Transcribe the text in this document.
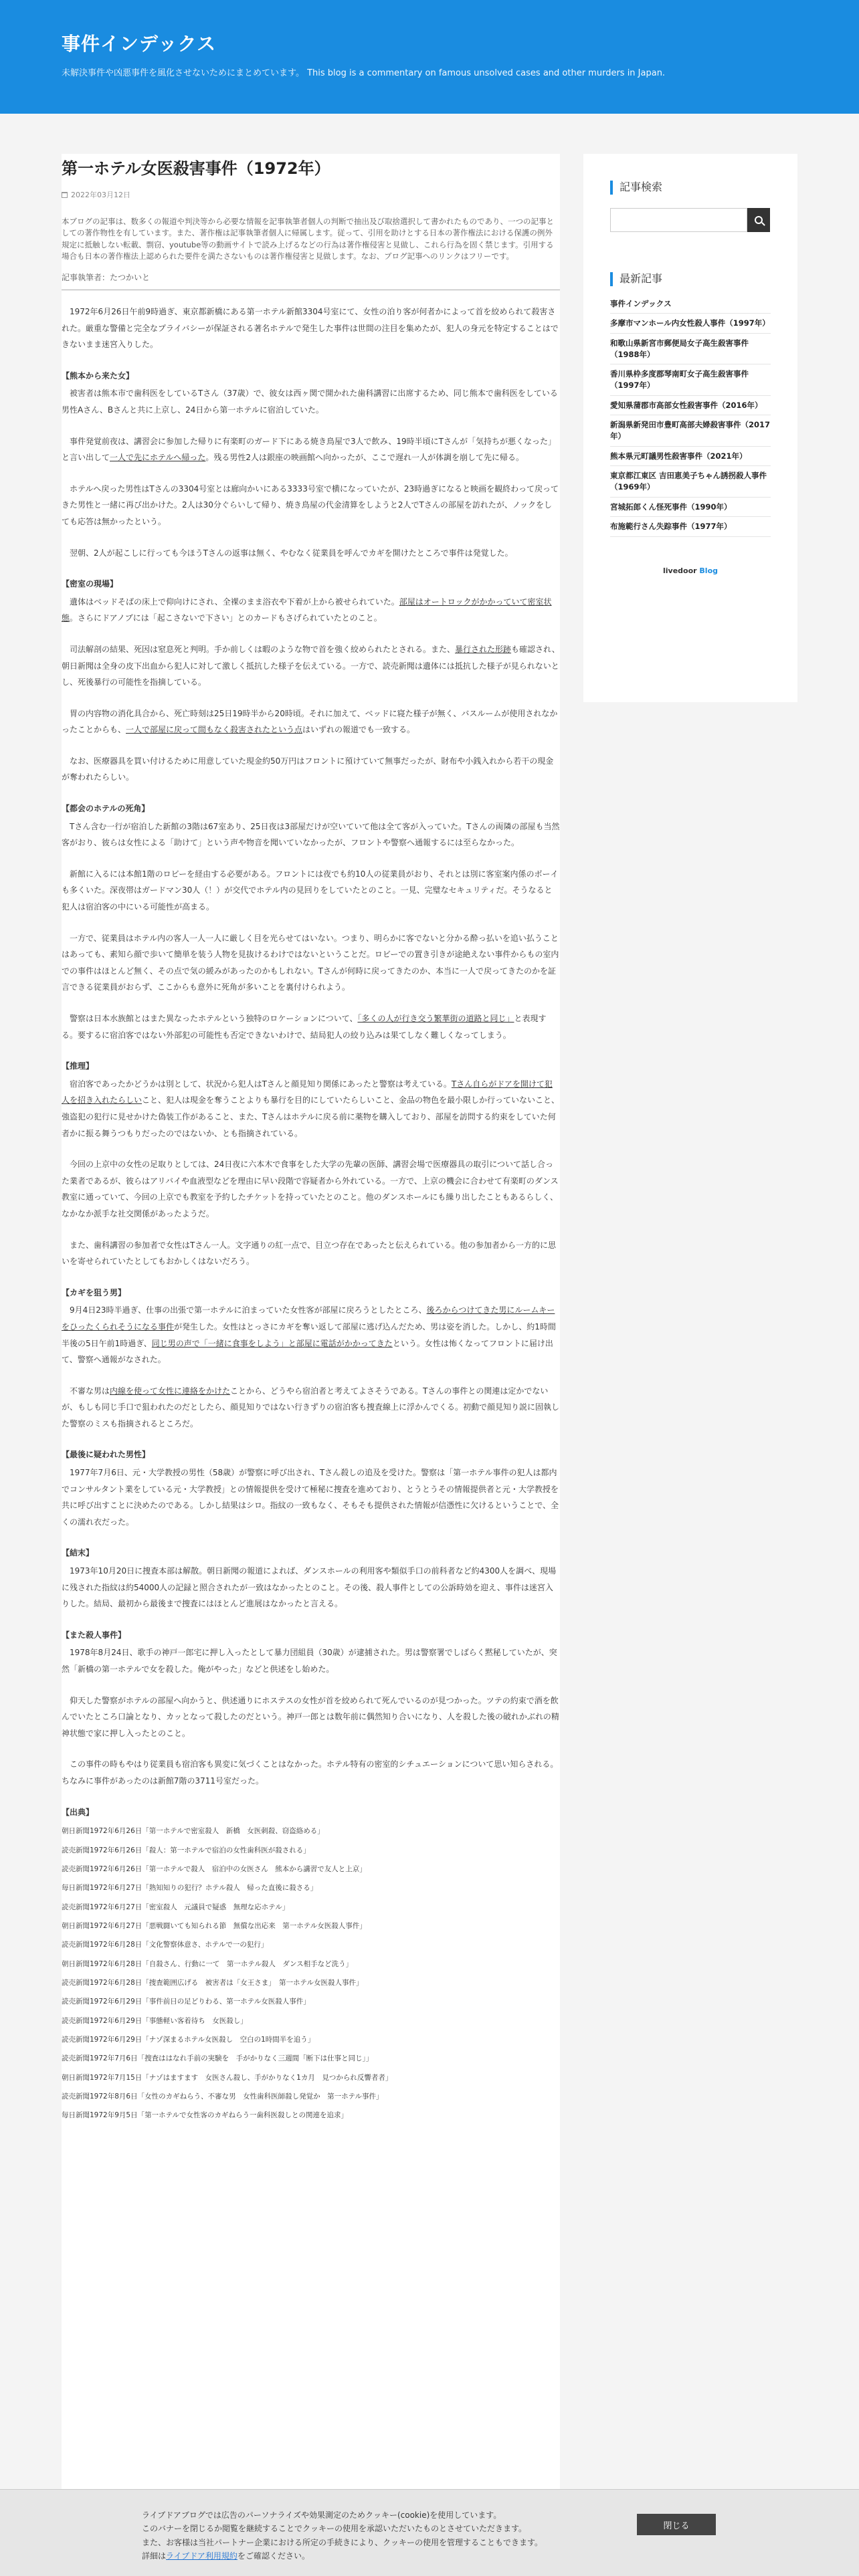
事件インデックス
未解決事件や凶悪事件を風化させないためにまとめています。 This blog is a commentary on famous unsolved cases and other murders in Japan.
第一ホテル女医殺害事件（1972年）
2022年03月12日
本ブログの記事は、数多くの報道や判決等から必要な情報を記事執筆者個人の判断で抽出及び取捨選択して書かれたものであり、一つの記事としての著作物性を有しています。また、著作権は記事執筆者個人に帰属します。従って、引用を助けとする日本の著作権法における保護の例外規定に抵触しない転載、剽窃、youtube等の動画サイトで読み上げるなどの行為は著作権侵害と見做し、これら行為を固く禁じます。引用する場合も日本の著作権法上認められた要件を満たさないものは著作権侵害と見做します。なお、ブログ記事へのリンクはフリーです。
記事執筆者：たつかいと

　1972年6月26日午前9時過ぎ、東京都新橋にある第一ホテル新館3304号室にて、女性の泊り客が何者かによって首を絞められて殺害された。厳重な警備と完全なプライバシーが保証される著名ホテルで発生した事件は世間の注目を集めたが、犯人の身元を特定することはできないまま迷宮入りした。

【熊本から来た女】

　被害者は熊本市で歯科医をしているTさん（37歳）で、彼女は西ヶ関で開かれた歯科講習に出席するため、同じ熊本で歯科医をしている男性Aさん、Bさんと共に上京し、24日から第一ホテルに宿泊していた。

　事件発覚前夜は、講習会に参加した帰りに有楽町のガード下にある焼き鳥屋で3人で飲み、19時半頃にTさんが「気持ちが悪くなった」と言い出して一人で先にホテルへ帰った。残る男性2人は銀座の映画館へ向かったが、ここで遅れ一人が体調を崩して先に帰る。

　ホテルへ戻った男性はTさんの3304号室とは廊向かいにある3333号室で横になっていたが、23時過ぎになると映画を観終わって戻ってきた男性と一緒に再び出かけた。2人は30分ぐらいして帰り、焼き鳥屋の代金清算をしようと2人でTさんの部屋を訪れたが、ノックをしても応答は無かったという。

　翌朝、2人が起こしに行っても今ほうTさんの返事は無く、やむなく従業員を呼んでカギを開けたところで事件は発覚した。

【密室の現場】

　遺体はベッドそばの床上で仰向けにされ、全裸のまま浴衣や下着が上から被せられていた。部屋はオートロックがかかっていて密室状態。さらにドアノブには「起こさないで下さい」とのカードもさげられていたとのこと。

　司法解剖の結果、死因は窒息死と判明。手か前しくは暇のような物で首を強く絞められたとされる。また、暴行された形跡も確認され、朝日新聞は全身の皮下出血から犯人に対して激しく抵抗した様子を伝えている。一方で、読売新聞は遺体には抵抗した様子が見られないとし、死後暴行の可能性を指摘している。

　胃の内容物の消化具合から、死亡時刻は25日19時半から20時頃。それに加えて、ベッドに寝た様子が無く、バスルームが使用されなかったことからも、一人で部屋に戻って間もなく殺害されたという点はいずれの報道でも一致する。

　なお、医療器具を買い付けるために用意していた現金約50万円はフロントに預けていて無事だったが、財布や小銭入れから若干の現金が奪われたらしい。

【都会のホテルの死角】

　Tさん含む一行が宿泊した新館の3階は67室あり、25日夜は3部屋だけが空いていて他は全て客が入っていた。Tさんの両隣の部屋も当然客がおり、彼らは女性による「助けて」という声や物音を聞いていなかったが、フロントや警察へ通報するには至らなかった。

　新館に入るには本館1階のロビーを経由する必要がある。フロントには夜でも約10人の従業員がおり、それとは別に客室案内係のボーイも多くいた。深夜帯はガードマン30人（！）が交代でホテル内の見回りをしていたとのこと。一見、完璧なセキュリティだ。そうなると犯人は宿泊客の中にいる可能性が高まる。

　一方で、従業員はホテル内の客人一人一人に厳しく目を光らせてはいない。つまり、明らかに客でないと分かる酔っ払いを追い払うことはあっても、素知ら顔で歩いて簡単を装う人物を見抜けるわけではないということだ。ロビーでの置き引きが途絶えない事件からもの室内での事件はほとんど無く、その点で気の緩みがあったのかもしれない。Tさんが何時に戻ってきたのか、本当に一人で戻ってきたのかを証言できる従業員がおらず、ここからも意外に死角が多いことを裏付けられよう。

　警察は日本水族館とはまた異なったホテルという独特のロケーションについて、「多くの人が行き交う繁華街の道路と同じ」と表現する。要するに宿泊客ではない外部犯の可能性も否定できないわけで、結局犯人の絞り込みは果てしなく難しくなってしまう。

【推理】

　宿泊客であったかどうかは別として、状況から犯人はTさんと顔見知り関係にあったと警察は考えている。Tさん自らがドアを開けて犯人を招き入れたらしいこと、犯人は現金を奪うことよりも暴行を目的にしていたらしいこと、金品の物色を最小限しか行っていないこと、強盗犯の犯行に見せかけた偽装工作があること、また、Tさんはホテルに戻る前に薬物を購入しており、部屋を訪問する約束をしていた何者かに振る舞うつもりだったのではないか、とも指摘されている。

　今回の上京中の女性の足取りとしては、24日夜に六本木で食事をした大学の先輩の医師、講習会場で医療器具の取引について話し合った業者であるが、彼らはアリバイや血液型などを理由に早い段階で容疑者から外れている。一方で、上京の機会に合わせて有楽町のダンス教室に通っていて、今回の上京でも教室を予約したチケットを持っていたとのこと。他のダンスホールにも繰り出したこともあるらしく、なかなか派手な社交関係があったようだ。

　また、歯科講習の参加者で女性はTさん一人。文字通りの紅一点で、目立つ存在であったと伝えられている。他の参加者から一方的に思いを寄せられていたとしてもおかしくはないだろう。

【カギを狙う男】

　9月4日23時半過ぎ、仕事の出張で第一ホテルに泊まっていた女性客が部屋に戻ろうとしたところ、後ろからつけてきた男にルームキーをひったくられそうになる事件が発生した。女性はとっさにカギを奪い返して部屋に逃げ込んだため、男は姿を消した。しかし、約1時間半後の5日午前1時過ぎ、同じ男の声で「一緒に食事をしよう」と部屋に電話がかかってきたという。女性は怖くなってフロントに届け出て、警察へ通報がなされた。

　不審な男は内線を使って女性に連絡をかけたことから、どうやら宿泊者と考えてよさそうである。Tさんの事件との関連は定かでないが、もしも同じ手口で狙われたのだとしたら、顔見知りではない行きずりの宿泊客も捜査線上に浮かんでくる。初動で顔見知り説に固執した警察のミスも指摘されるところだ。

【最後に疑われた男性】

　1977年7月6日、元・大学教授の男性（58歳）が警察に呼び出され、Tさん殺しの追及を受けた。警察は「第一ホテル事件の犯人は都内でコンサルタント業をしている元・大学教授」との情報提供を受けて極秘に捜査を進めており、とうとうその情報提供者と元・大学教授を共に呼び出すことに決めたのである。しかし結果はシロ。指紋の一致もなく、そもそも提供された情報が信憑性に欠けるということで、全くの濡れ衣だった。

【結末】

　1973年10月20日に捜査本部は解散。朝日新聞の報道によれば、ダンスホールの利用客や類似手口の前科者など約4300人を調べ、現場に残された指紋は約54000人の記録と照合されたが一致はなかったとのこと。その後、殺人事件としての公訴時効を迎え、事件は迷宮入りした。結局、最初から最後まで捜査にはほとんど進展はなかったと言える。

【また殺人事件】

　1978年8月24日、歌手の神戸一郎宅に押し入ったとして暴力団組員（30歳）が逮捕された。男は警察署でしばらく黙秘していたが、突然「新橋の第一ホテルで女を殺した。俺がやった」などと供述をし始めた。

　仰天した警察がホテルの部屋へ向かうと、供述通りにホステスの女性が首を絞められて死んでいるのが見つかった。ツテの約束で酒を飲んでいたところ口論となり、カッとなって殺したのだという。神戸一郎とは数年前に偶然知り合いになり、人を殺した後の破れかぶれの精神状態で家に押し入ったとのこと。

　この事件の時もやはり従業員も宿泊客も異変に気づくことはなかった。ホテル特有の密室的シチュエーションについて思い知らされる。ちなみに事件があったのは新館7階の3711号室だった。

【出典】
朝日新聞1972年6月26日「第一ホテルで密室殺人　新橋　女医刺殺、窃盗絡める」
読売新聞1972年6月26日「殺人：第一ホテルで宿泊の女性歯科医が殺される」
読売新聞1972年6月26日「第一ホテルで殺人　宿泊中の女医さん　熊本から講習で友人と上京」
毎日新聞1972年6月27日「熟知知りの犯行？ホテル殺人　帰った直後に殺さる」
読売新聞1972年6月27日「密室殺人　元議員で疑惑　無理な応ホテル」
朝日新聞1972年6月27日「悪戦闘いても知られる節　無償な出応来　第一ホテル女医殺人事件」
読売新聞1972年6月28日「文化警察体意さ、ホテルで一の犯行」
朝日新聞1972年6月28日「自殺さん、行動に一て　第一ホテル殺人　ダンス相手など洗う」
読売新聞1972年6月28日「捜査範囲広げる　被害者は「女王さま」　第一ホテル女医殺人事件」
読売新聞1972年6月29日「事件前日の足どりわる、第一ホテル女医殺人事件」
読売新聞1972年6月29日「事態軽い客着待ち　女医殺し」
読売新聞1972年6月29日「ナゾ深まるホテル女医殺し　空白の1時間半を追う」
読売新聞1972年7月6日「捜査ははなれ手前の実験を　手がかりなく三週間「断下は仕事と同じ」」
朝日新聞1972年7月15日「ナゾはますます　女医さん殺し、手がかりなく1カ月　見つかられ反響者者」
読売新聞1972年8月6日「女性のカギねらう、不審な男　女性歯科医師殺し発覚か　第一ホテル事件」
毎日新聞1972年9月5日「第一ホテルで女性客のカギねらう一歯科医殺しとの関連を追求」
記事検索
最新記事
事件インデックス
多摩市マンホール内女性殺人事件（1997年）
和歌山県新宮市郵便局女子高生殺害事件（1988年）
香川県枠多度郡琴南町女子高生殺害事件（1997年）
愛知県蒲郡市高部女性殺害事件（2016年）
新潟県新発田市豊町高部夫婦殺害事件（2017年）
熊本県元町議男性殺害事件（2021年）
東京都江東区 吉田恵美子ちゃん誘拐殺人事件（1969年）
宮城拓郎くん怪死事件（1990年）
布施範行さん失踪事件（1977年）
livedoor Blog
ライブドアブログでは広告のパーソナライズや効果測定のためクッキー(cookie)を使用しています。
このバナーを閉じるか閲覧を継続することでクッキーの使用を承認いただいたものとさせていただきます。
また、お客様は当社パートナー企業における所定の手続きにより、クッキーの使用を管理することもできます。
詳細はライブドア利用規約をご確認ください。
閉じる
